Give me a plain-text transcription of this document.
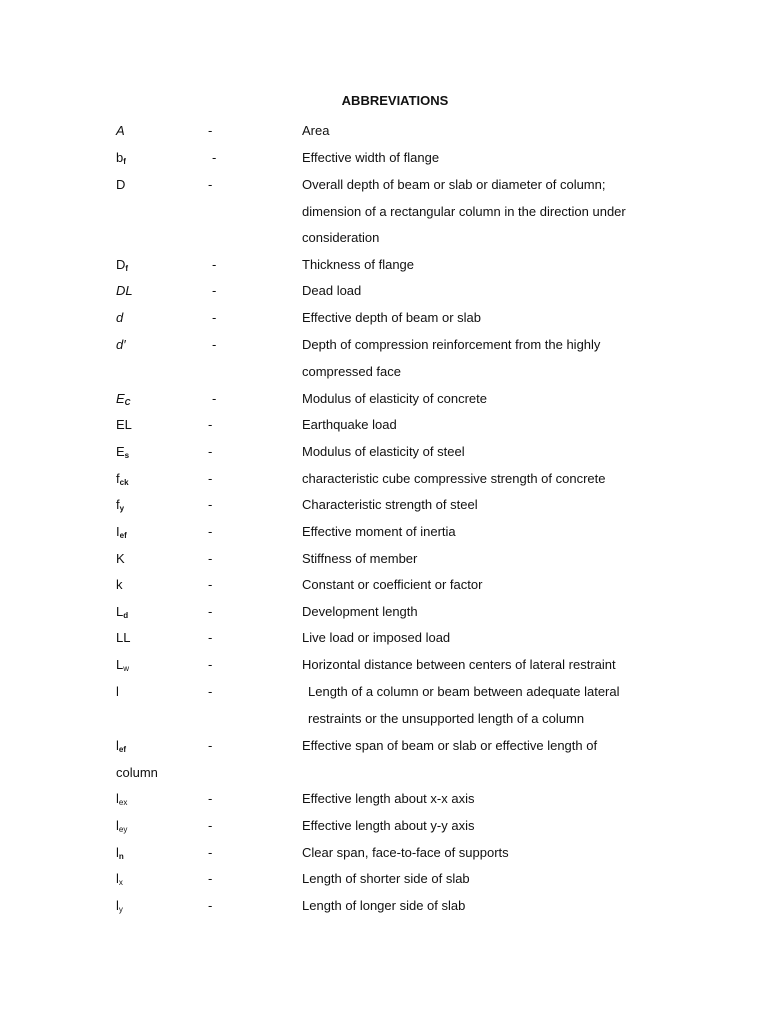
ABBREVIATIONS
A	-	Area
$b_f$	-	Effective width of flange
D	-	Overall depth of beam or slab or diameter of column;
dimension of a rectangular column in the direction under
consideration
$D_f$	-	Thickness of flange
DL	-	Dead load
d	-	Effective depth of beam or slab
d′	-	Depth of compression reinforcement from the highly
compressed face
$E_C$	-	Modulus of elasticity of concrete
EL	-	Earthquake load
$E_s$	-	Modulus of elasticity of steel
$f_{ck}$	-	characteristic cube compressive strength of concrete
$f_y$	-	Characteristic strength of steel
$I_{ef}$	-	Effective moment of inertia
K	-	Stiffness of member
k	-	Constant or coefficient or factor
$L_d$	-	Development length
LL	-	Live load or imposed load
$L_w$	-	Horizontal distance between centers of lateral restraint
l	-	Length of a column or beam between adequate lateral
restraints or the unsupported length of a column
$l_{ef}$	-	Effective span of beam or slab or effective length of
column
$l_{ex}$	-	Effective length about x-x axis
$l_{ey}$	-	Effective length about y-y axis
$l_n$	-	Clear span, face-to-face of supports
$l_x$	-	Length of shorter side of slab
$l_y$	-	Length of longer side of slab
